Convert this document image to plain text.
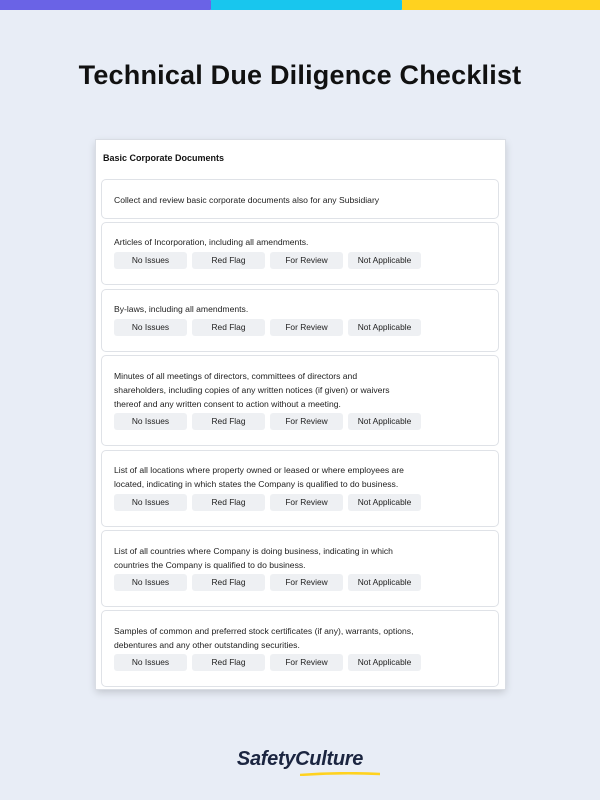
Technical Due Diligence Checklist
Basic Corporate Documents
Collect and review basic corporate documents also for any Subsidiary
Articles of Incorporation, including all amendments.
No Issues	Red Flag	For Review	Not Applicable
By-laws, including all amendments.
No Issues	Red Flag	For Review	Not Applicable
Minutes of all meetings of directors, committees of directors and
shareholders, including copies of any written notices (if given) or waivers
thereof and any written consent to action without a meeting.
No Issues	Red Flag	For Review	Not Applicable
List of all locations where property owned or leased or where employees are
located, indicating in which states the Company is qualified to do business.
No Issues	Red Flag	For Review	Not Applicable
List of all countries where Company is doing business, indicating in which
countries the Company is qualified to do business.
No Issues	Red Flag	For Review	Not Applicable
Samples of common and preferred stock certificates (if any), warrants, options,
debentures and any other outstanding securities.
No Issues	Red Flag	For Review	Not Applicable
SafetyCulture
